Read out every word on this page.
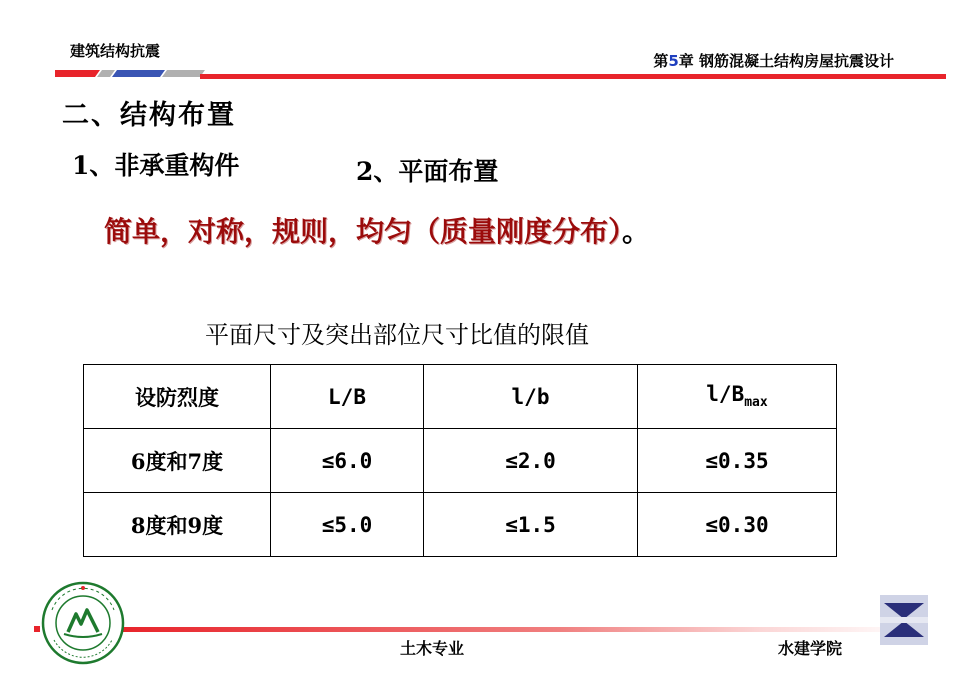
建筑结构抗震
第5章 钢筋混凝土结构房屋抗震设计
二、结构布置
1、非承重构件	2、平面布置
简单，对称，规则，均匀（质量刚度分布）。
平面尺寸及突出部位尺寸比值的限值
设防烈度	L/B	l/b	$l/B_{max}$
6度和7度	≤6.0	≤2.0	≤0.35
8度和9度	≤5.0	≤1.5	≤0.30
土木专业	水建学院
